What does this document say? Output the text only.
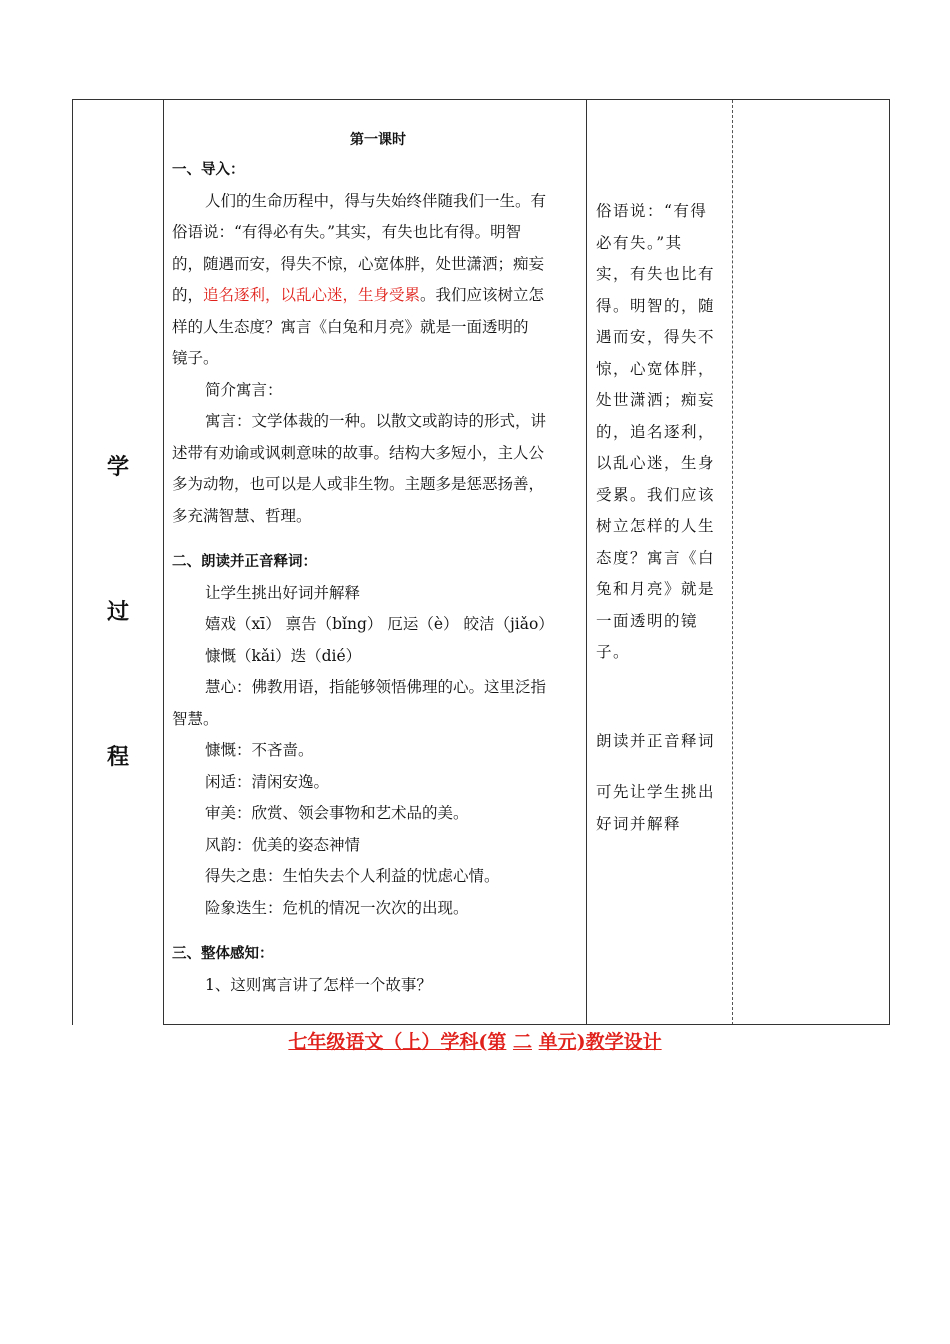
学
过
程
第一课时
一、导入：
人们的生命历程中，得与失始终伴随我们一生。有
俗语说：“有得必有失。”其实，有失也比有得。明智
的，随遇而安，得失不惊，心宽体胖，处世潇洒；痴妄
的，追名逐利，以乱心迷，生身受累。我们应该树立怎
样的人生态度？寓言《白兔和月亮》就是一面透明的
镜子。
简介寓言：
寓言：文学体裁的一种。以散文或韵诗的形式，讲
述带有劝谕或讽刺意味的故事。结构大多短小，主人公
多为动物，也可以是人或非生物。主题多是惩恶扬善，
多充满智慧、哲理。
二、朗读并正音释词：
让学生挑出好词并解释
嬉戏（xī） 禀告（bǐng） 厄运（è） 皎洁（jiǎo）
慷慨（kǎi）迭（dié）
慧心：佛教用语，指能够领悟佛理的心。这里泛指
智慧。
慷慨：不吝啬。
闲适：清闲安逸。
审美：欣赏、领会事物和艺术品的美。
风韵：优美的姿态神情
得失之患：生怕失去个人利益的忧虑心情。
险象迭生：危机的情况一次次的出现。
三、整体感知：
1、这则寓言讲了怎样一个故事？
俗语说：“有得
必有失。”其
实，有失也比有
得。明智的，随
遇而安，得失不
惊，心宽体胖，
处世潇洒；痴妄
的，追名逐利，
以乱心迷，生身
受累。我们应该
树立怎样的人生
态度？寓言《白
兔和月亮》就是
一面透明的镜
子。
朗读并正音释词
可先让学生挑出
好词并解释
七年级语文（上）学科(第 二 单元)教学设计
